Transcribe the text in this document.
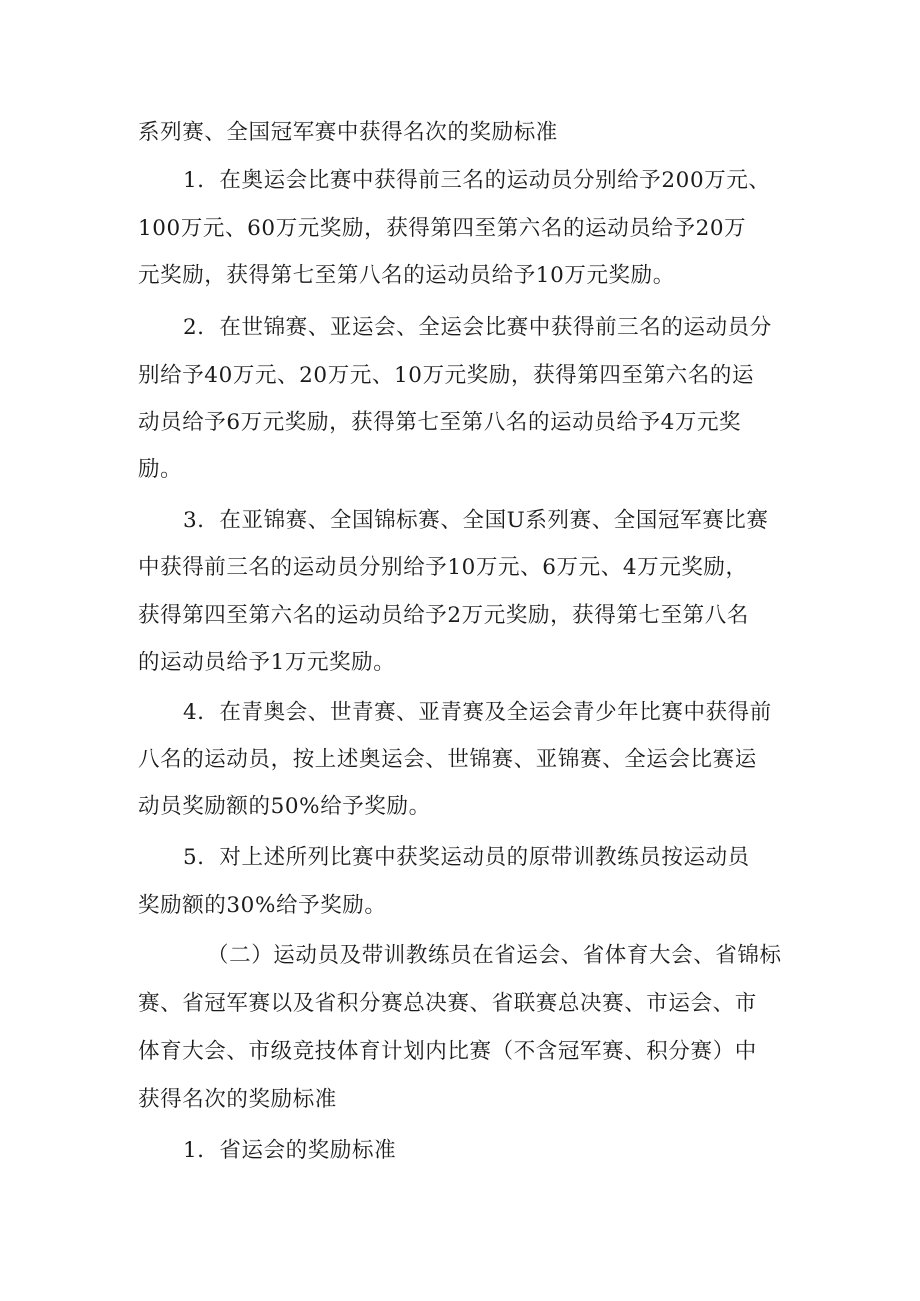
系列赛、全国冠军赛中获得名次的奖励标准
1．在奥运会比赛中获得前三名的运动员分别给予200万元、
100万元、60万元奖励，获得第四至第六名的运动员给予20万
元奖励，获得第七至第八名的运动员给予10万元奖励。
2．在世锦赛、亚运会、全运会比赛中获得前三名的运动员分
别给予40万元、20万元、10万元奖励，获得第四至第六名的运
动员给予6万元奖励，获得第七至第八名的运动员给予4万元奖
励。
3．在亚锦赛、全国锦标赛、全国U系列赛、全国冠军赛比赛
中获得前三名的运动员分别给予10万元、6万元、4万元奖励，
获得第四至第六名的运动员给予2万元奖励，获得第七至第八名
的运动员给予1万元奖励。
4．在青奥会、世青赛、亚青赛及全运会青少年比赛中获得前
八名的运动员，按上述奥运会、世锦赛、亚锦赛、全运会比赛运
动员奖励额的50%给予奖励。
5．对上述所列比赛中获奖运动员的原带训教练员按运动员
奖励额的30%给予奖励。
（二）运动员及带训教练员在省运会、省体育大会、省锦标
赛、省冠军赛以及省积分赛总决赛、省联赛总决赛、市运会、市
体育大会、市级竞技体育计划内比赛（不含冠军赛、积分赛）中
获得名次的奖励标准
1．省运会的奖励标准
